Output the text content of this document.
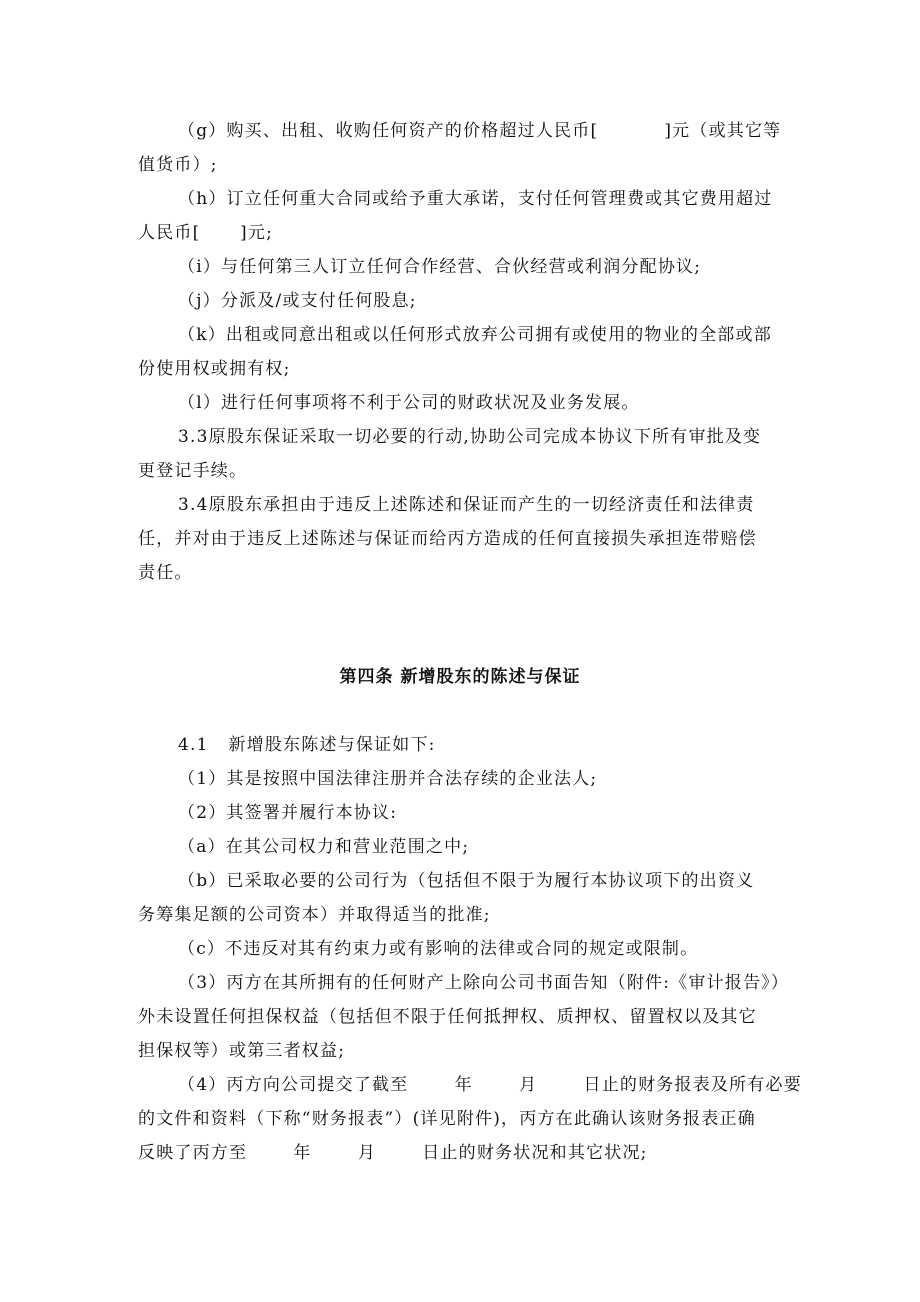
（g）购买、出租、收购任何资产的价格超过人民币[          ]元（或其它等
值货币）;
（h）订立任何重大合同或给予重大承诺，支付任何管理费或其它费用超过
人民币[      ]元;
（i）与任何第三人订立任何合作经营、合伙经营或利润分配协议;
（j）分派及/或支付任何股息;
（k）出租或同意出租或以任何形式放弃公司拥有或使用的物业的全部或部
份使用权或拥有权;
（l）进行任何事项将不利于公司的财政状况及业务发展。
3.3原股东保证采取一切必要的行动,协助公司完成本协议下所有审批及变
更登记手续。
3.4原股东承担由于违反上述陈述和保证而产生的一切经济责任和法律责
任，并对由于违反上述陈述与保证而给丙方造成的任何直接损失承担连带赔偿
责任。
第四条 新增股东的陈述与保证
4.1   新增股东陈述与保证如下:
（1）其是按照中国法律注册并合法存续的企业法人;
（2）其签署并履行本协议:
（a）在其公司权力和营业范围之中;
（b）已采取必要的公司行为（包括但不限于为履行本协议项下的出资义
务筹集足额的公司资本）并取得适当的批准;
（c）不违反对其有约束力或有影响的法律或合同的规定或限制。
（3）丙方在其所拥有的任何财产上除向公司书面告知（附件:《审计报告》）
外未设置任何担保权益（包括但不限于任何抵押权、质押权、留置权以及其它
担保权等）或第三者权益;
（4）丙方向公司提交了截至       年       月       日止的财务报表及所有必要
的文件和资料（下称“财务报表”）(详见附件)，丙方在此确认该财务报表正确
反映了丙方至       年       月       日止的财务状况和其它状况;
